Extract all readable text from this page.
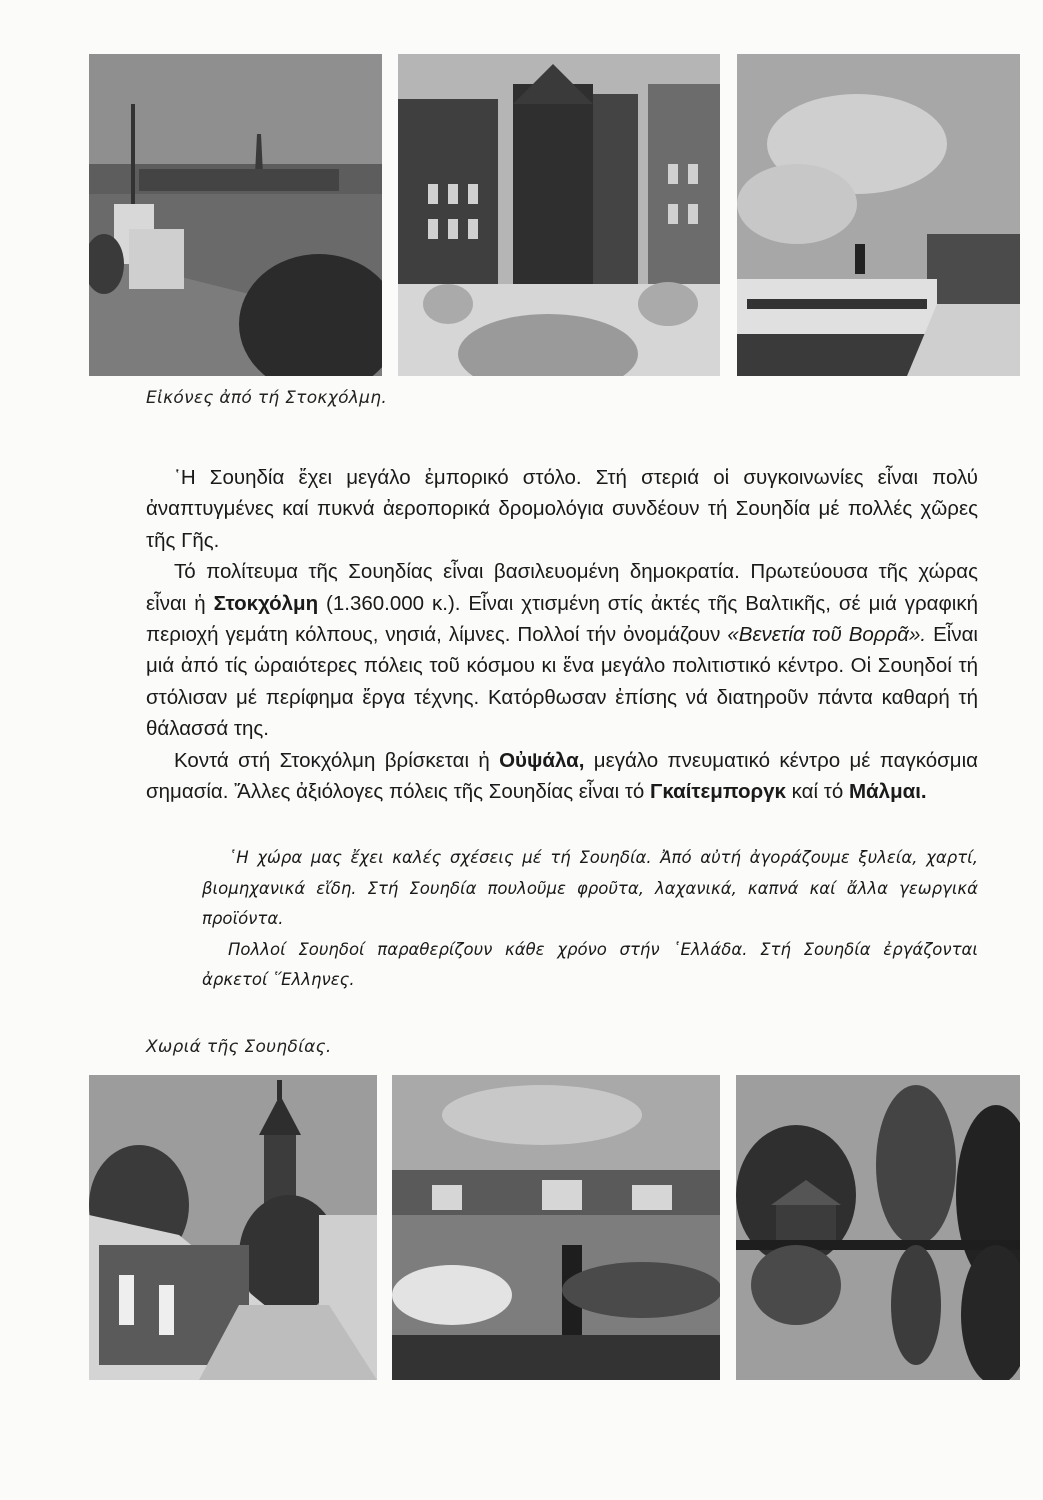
Εἰκόνες ἀπό τή Στοκχόλμη.

῾Η Σουηδία ἔχει μεγάλο ἐμπορικό στόλο. Στή στεριά οἱ συγκοινωνίες εἶναι πολύ ἀναπτυγμένες καί πυκνά ἀεροπορικά δρομολόγια συνδέουν τή Σουηδία μέ πολλές χῶρες τῆς Γῆς.

Τό πολίτευμα τῆς Σουηδίας εἶναι βασιλευομένη δημοκρατία. Πρωτεύουσα τῆς χώρας εἶναι ἡ Στοκχόλμη (1.360.000 κ.). Εἶναι χτισμένη στίς ἀκτές τῆς Βαλτικῆς, σέ μιά γραφική περιοχή γεμάτη κόλπους, νησιά, λίμνες. Πολλοί τήν ὀνομάζουν «Βενετία τοῦ Βορρᾶ». Εἶναι μιά ἀπό τίς ὡραιότερες πόλεις τοῦ κόσμου κι ἕνα μεγάλο πολιτιστικό κέντρο. Οἱ Σουηδοί τή στόλισαν μέ περίφημα ἔργα τέχνης. Κατόρθωσαν ἐπίσης νά διατηροῦν πάντα καθαρή τή θάλασσά της.

Κοντά στή Στοκχόλμη βρίσκεται ἡ Οὐψάλα, μεγάλο πνευματικό κέντρο μέ παγκόσμια σημασία. Ἄλλες ἀξιόλογες πόλεις τῆς Σουηδίας εἶναι τό Γκαίτεμποργκ καί τό Μάλμαι.

῾Η χώρα μας ἔχει καλές σχέσεις μέ τή Σουηδία. Ἀπό αὐτή ἀγοράζουμε ξυλεία, χαρτί, βιομηχανικά εἴδη. Στή Σουηδία πουλοῦμε φροῦτα, λαχανικά, καπνά καί ἄλλα γεωργικά προϊόντα.

Πολλοί Σουηδοί παραθερίζουν κάθε χρόνο στήν ῾Ελλάδα. Στή Σουηδία ἐργάζονται ἀρκετοί ῞Ελληνες.

Χωριά τῆς Σουηδίας.
